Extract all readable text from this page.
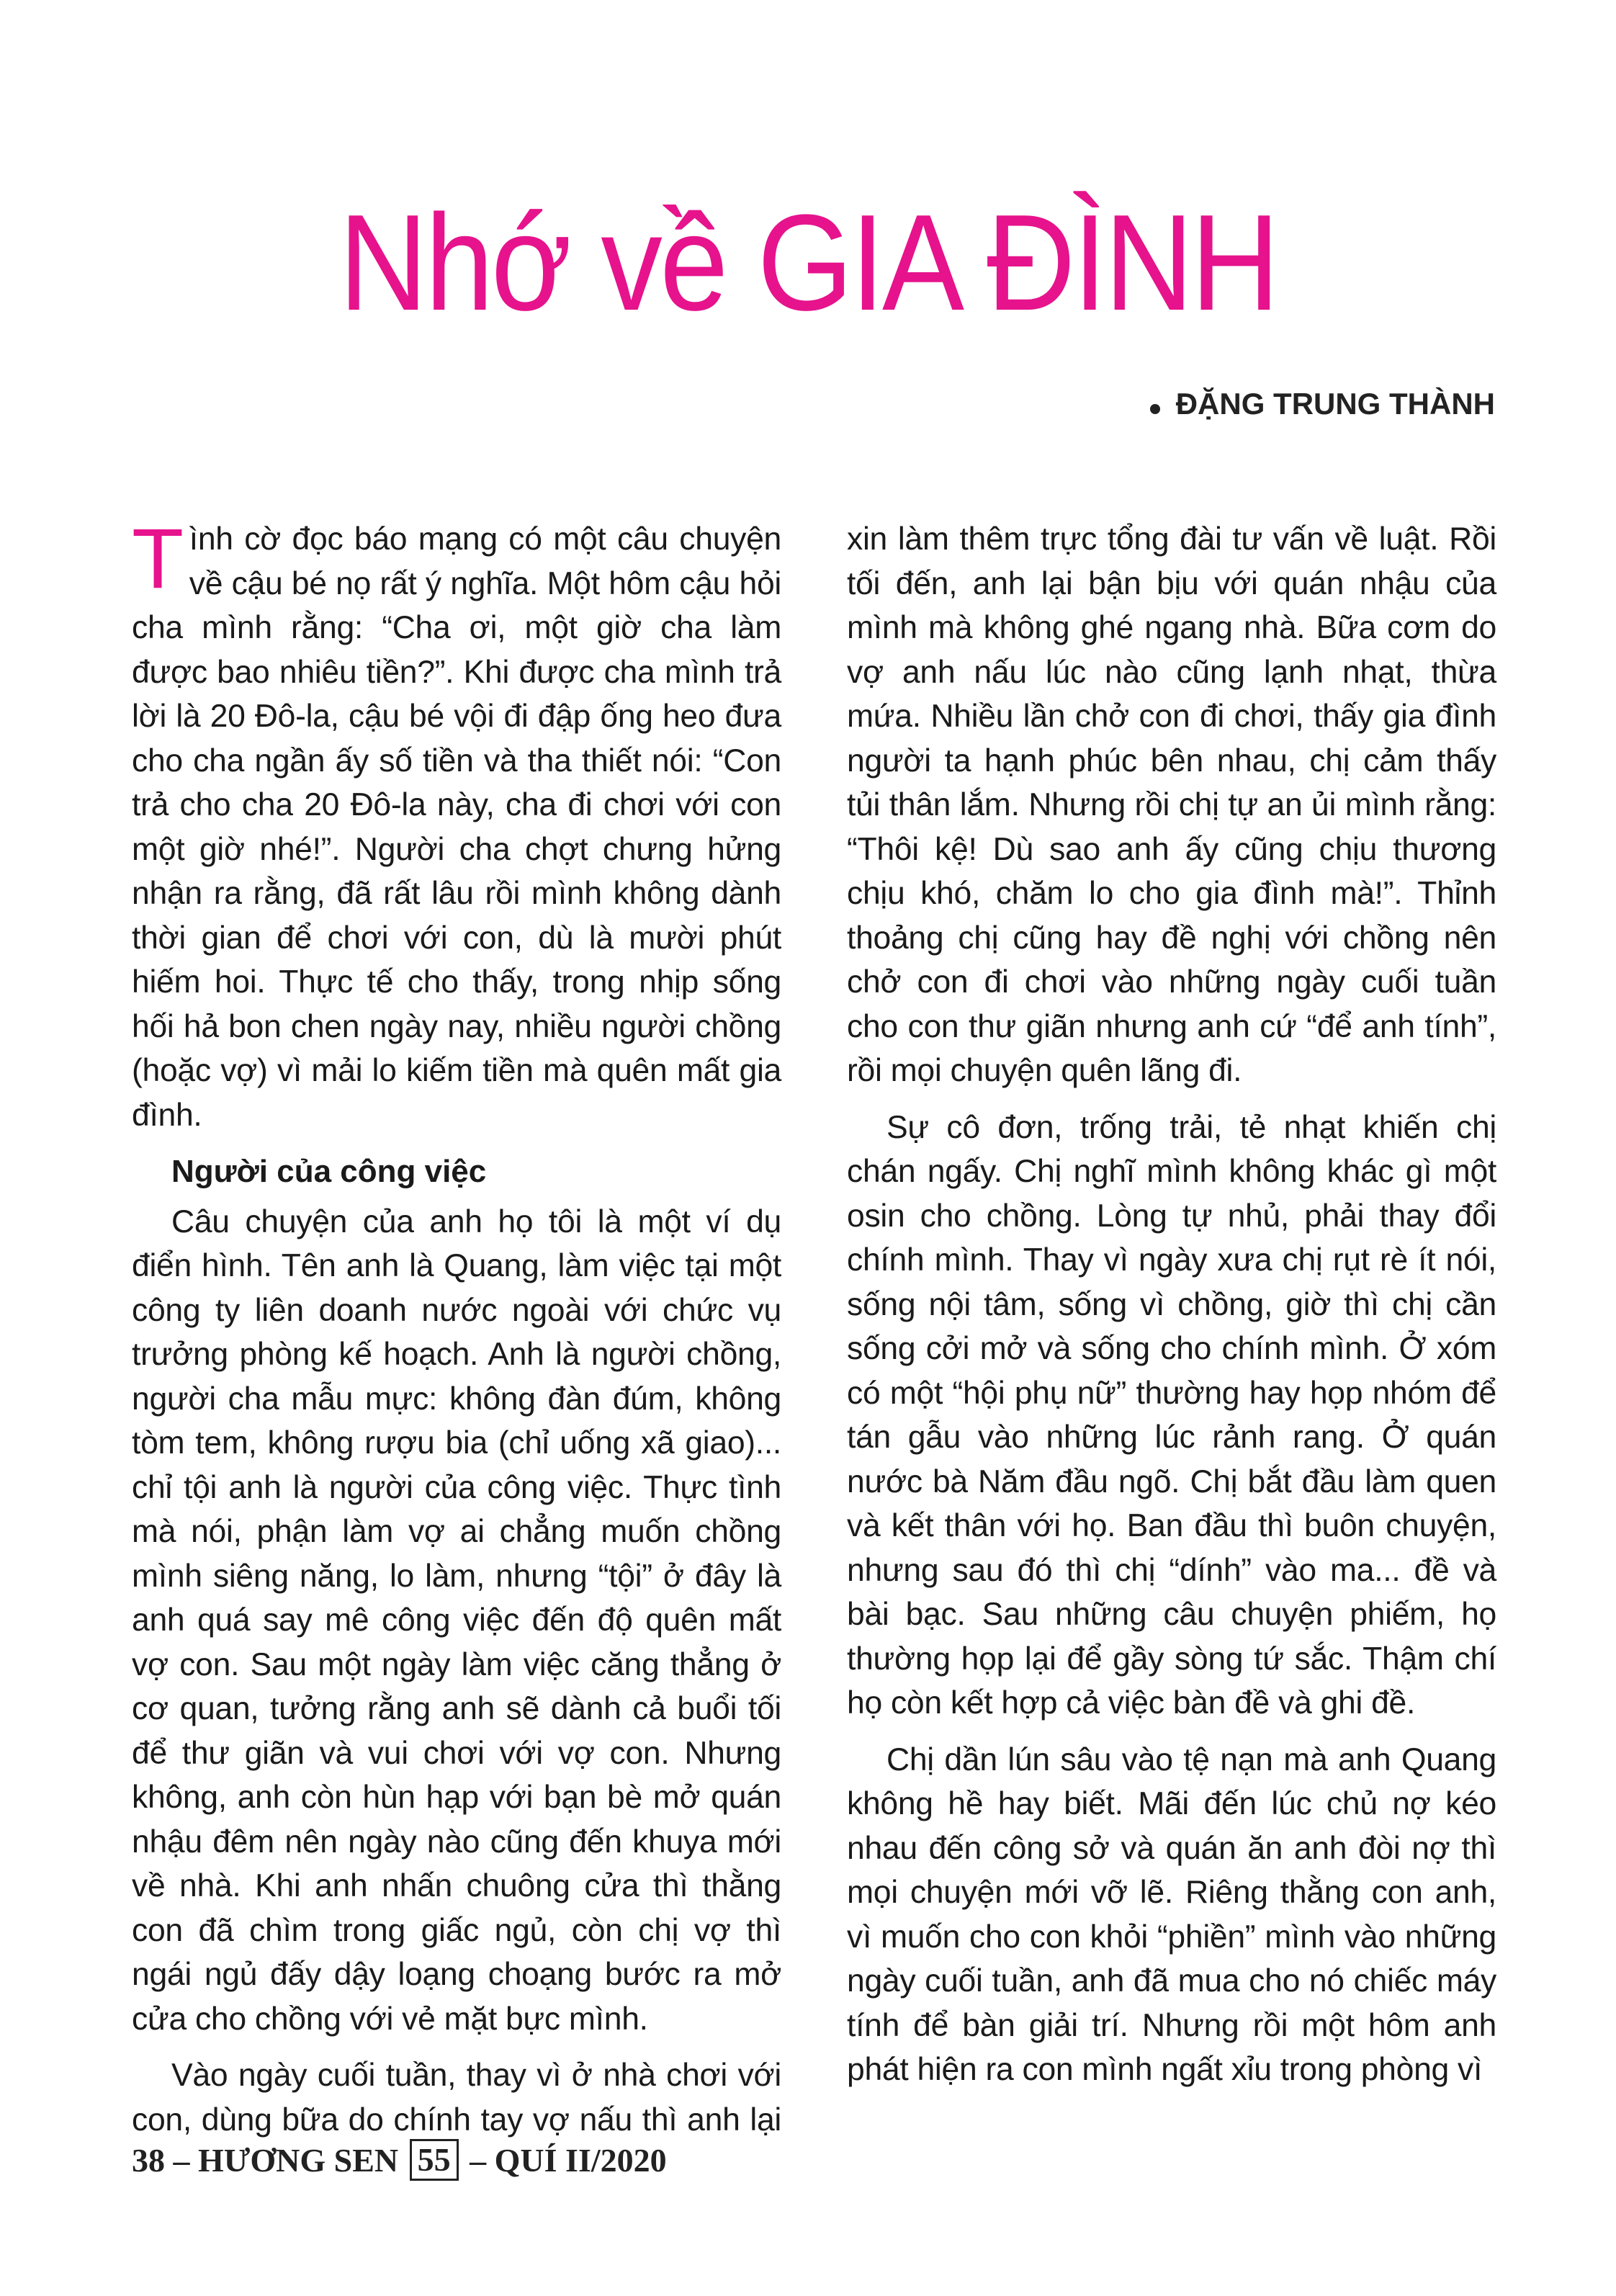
Nhớ về GIA ĐÌNH
ĐẶNG TRUNG THÀNH

Tình cờ đọc báo mạng có một câu chuyện về cậu bé nọ rất ý nghĩa. Một hôm cậu hỏi cha mình rằng: “Cha ơi, một giờ cha làm được bao nhiêu tiền?”. Khi được cha mình trả lời là 20 Đô-la, cậu bé vội đi đập ống heo đưa cho cha ngần ấy số tiền và tha thiết nói: “Con trả cho cha 20 Đô-la này, cha đi chơi với con một giờ nhé!”. Người cha chợt chưng hửng nhận ra rằng, đã rất lâu rồi mình không dành thời gian để chơi với con, dù là mười phút hiếm hoi. Thực tế cho thấy, trong nhịp sống hối hả bon chen ngày nay, nhiều người chồng (hoặc vợ) vì mải lo kiếm tiền mà quên mất gia đình.

Người của công việc

Câu chuyện của anh họ tôi là một ví dụ điển hình. Tên anh là Quang, làm việc tại một công ty liên doanh nước ngoài với chức vụ trưởng phòng kế hoạch. Anh là người chồng, người cha mẫu mực: không đàn đúm, không tòm tem, không rượu bia (chỉ uống xã giao)... chỉ tội anh là người của công việc. Thực tình mà nói, phận làm vợ ai chẳng muốn chồng mình siêng năng, lo làm, nhưng “tội” ở đây là anh quá say mê công việc đến độ quên mất vợ con. Sau một ngày làm việc căng thẳng ở cơ quan, tưởng rằng anh sẽ dành cả buổi tối để thư giãn và vui chơi với vợ con. Nhưng không, anh còn hùn hạp với bạn bè mở quán nhậu đêm nên ngày nào cũng đến khuya mới về nhà. Khi anh nhấn chuông cửa thì thằng con đã chìm trong giấc ngủ, còn chị vợ thì ngái ngủ đấy dậy loạng choạng bước ra mở cửa cho chồng với vẻ mặt bực mình.

Vào ngày cuối tuần, thay vì ở nhà chơi với con, dùng bữa do chính tay vợ nấu thì anh lại

xin làm thêm trực tổng đài tư vấn về luật. Rồi tối đến, anh lại bận bịu với quán nhậu của mình mà không ghé ngang nhà. Bữa cơm do vợ anh nấu lúc nào cũng lạnh nhạt, thừa mứa. Nhiều lần chở con đi chơi, thấy gia đình người ta hạnh phúc bên nhau, chị cảm thấy tủi thân lắm. Nhưng rồi chị tự an ủi mình rằng: “Thôi kệ! Dù sao anh ấy cũng chịu thương chịu khó, chăm lo cho gia đình mà!”. Thỉnh thoảng chị cũng hay đề nghị với chồng nên chở con đi chơi vào những ngày cuối tuần cho con thư giãn nhưng anh cứ “để anh tính”, rồi mọi chuyện quên lãng đi.

Sự cô đơn, trống trải, tẻ nhạt khiến chị chán ngấy. Chị nghĩ mình không khác gì một osin cho chồng. Lòng tự nhủ, phải thay đổi chính mình. Thay vì ngày xưa chị rụt rè ít nói, sống nội tâm, sống vì chồng, giờ thì chị cần sống cởi mở và sống cho chính mình. Ở xóm có một “hội phụ nữ” thường hay họp nhóm để tán gẫu vào những lúc rảnh rang. Ở quán nước bà Năm đầu ngõ. Chị bắt đầu làm quen và kết thân với họ. Ban đầu thì buôn chuyện, nhưng sau đó thì chị “dính” vào ma... đề và bài bạc. Sau những câu chuyện phiếm, họ thường họp lại để gầy sòng tứ sắc. Thậm chí họ còn kết hợp cả việc bàn đề và ghi đề.

Chị dần lún sâu vào tệ nạn mà anh Quang không hề hay biết. Mãi đến lúc chủ nợ kéo nhau đến công sở và quán ăn anh đòi nợ thì mọi chuyện mới vỡ lẽ. Riêng thằng con anh, vì muốn cho con khỏi “phiền” mình vào những ngày cuối tuần, anh đã mua cho nó chiếc máy tính để bàn giải trí. Nhưng rồi một hôm anh phát hiện ra con mình ngất xỉu trong phòng vì

38
–
HƯƠNG SEN
55
–
QUÍ II/2020
